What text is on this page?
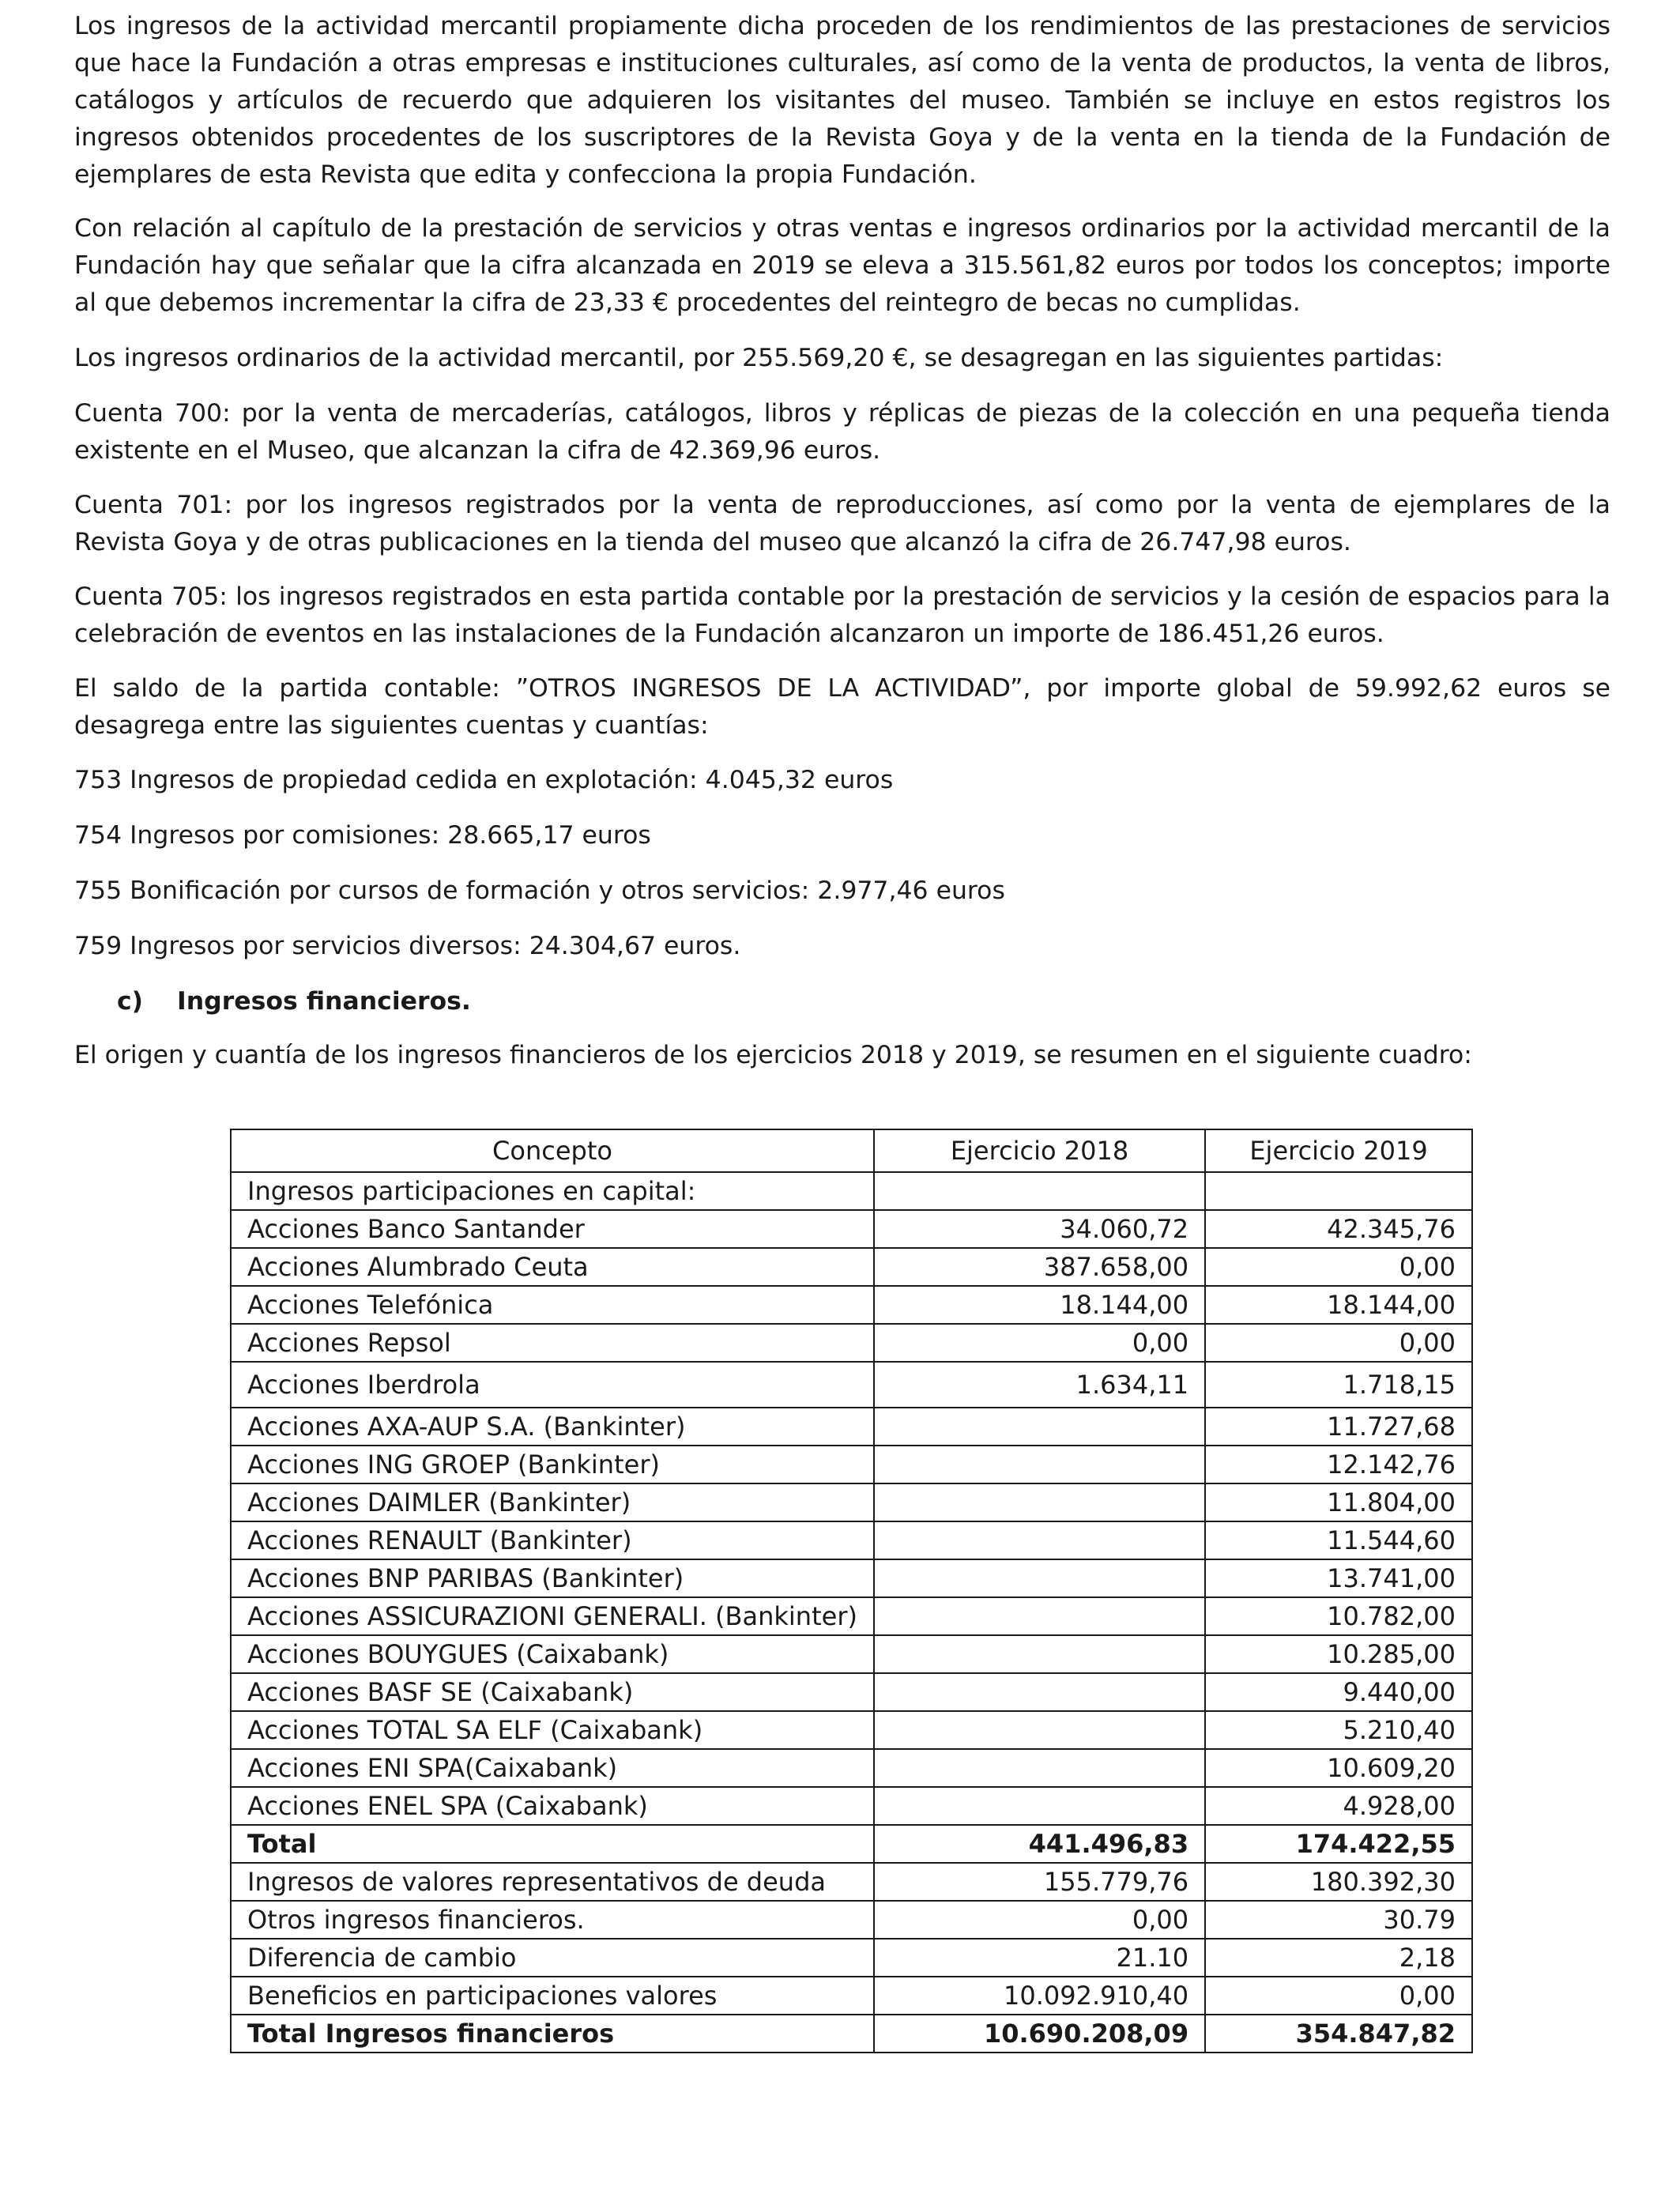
Los ingresos de la actividad mercantil propiamente dicha proceden de los rendimientos de las prestaciones de servicios que hace la Fundación a otras empresas e instituciones culturales, así como de la venta de productos, la venta de libros, catálogos y artículos de recuerdo que adquieren los visitantes del museo. También se incluye en estos registros los ingresos obtenidos procedentes de los suscriptores de la Revista Goya y de la venta en la tienda de la Fundación de ejemplares de esta Revista que edita y confecciona la propia Fundación.

Con relación al capítulo de la prestación de servicios y otras ventas e ingresos ordinarios por la actividad mercantil de la Fundación hay que señalar que la cifra alcanzada en 2019 se eleva a 315.561,82 euros por todos los conceptos; importe al que debemos incrementar la cifra de 23,33 € procedentes del reintegro de becas no cumplidas.

Los ingresos ordinarios de la actividad mercantil, por 255.569,20 €, se desagregan en las siguientes partidas:

Cuenta 700: por la venta de mercaderías, catálogos, libros y réplicas de piezas de la colección en una pequeña tienda existente en el Museo, que alcanzan la cifra de 42.369,96 euros.

Cuenta 701: por los ingresos registrados por la venta de reproducciones, así como por la venta de ejemplares de la Revista Goya y de otras publicaciones en la tienda del museo que alcanzó la cifra de 26.747,98 euros.

Cuenta 705: los ingresos registrados en esta partida contable por la prestación de servicios y la cesión de espacios para la celebración de eventos en las instalaciones de la Fundación alcanzaron un importe de 186.451,26 euros.

El saldo de la partida contable: ”OTROS INGRESOS DE LA ACTIVIDAD”, por importe global de 59.992,62 euros se desagrega entre las siguientes cuentas y cuantías:

753 Ingresos de propiedad cedida en explotación: 4.045,32 euros

754 Ingresos por comisiones: 28.665,17 euros

755 Bonificación por cursos de formación y otros servicios: 2.977,46 euros

759 Ingresos por servicios diversos: 24.304,67 euros.

c) Ingresos financieros.

El origen y cuantía de los ingresos financieros de los ejercicios 2018 y 2019, se resumen en el siguiente cuadro:

Concepto	Ejercicio 2018	Ejercicio 2019
Ingresos participaciones en capital:		
Acciones Banco Santander	34.060,72	42.345,76
Acciones Alumbrado Ceuta	387.658,00	0,00
Acciones Telefónica	18.144,00	18.144,00
Acciones Repsol	0,00	0,00
Acciones Iberdrola	1.634,11	1.718,15
Acciones AXA-AUP S.A. (Bankinter)		11.727,68
Acciones ING GROEP (Bankinter)		12.142,76
Acciones DAIMLER (Bankinter)		11.804,00
Acciones RENAULT (Bankinter)		11.544,60
Acciones BNP PARIBAS (Bankinter)		13.741,00
Acciones ASSICURAZIONI GENERALI. (Bankinter)		10.782,00
Acciones BOUYGUES (Caixabank)		10.285,00
Acciones BASF SE (Caixabank)		9.440,00
Acciones TOTAL SA ELF (Caixabank)		5.210,40
Acciones ENI SPA(Caixabank)		10.609,20
Acciones ENEL SPA (Caixabank)		4.928,00
Total	441.496,83	174.422,55
Ingresos de valores representativos de deuda	155.779,76	180.392,30
Otros ingresos financieros.	0,00	30.79
Diferencia de cambio	21.10	2,18
Beneficios en participaciones valores	10.092.910,40	0,00
Total Ingresos financieros	10.690.208,09	354.847,82
